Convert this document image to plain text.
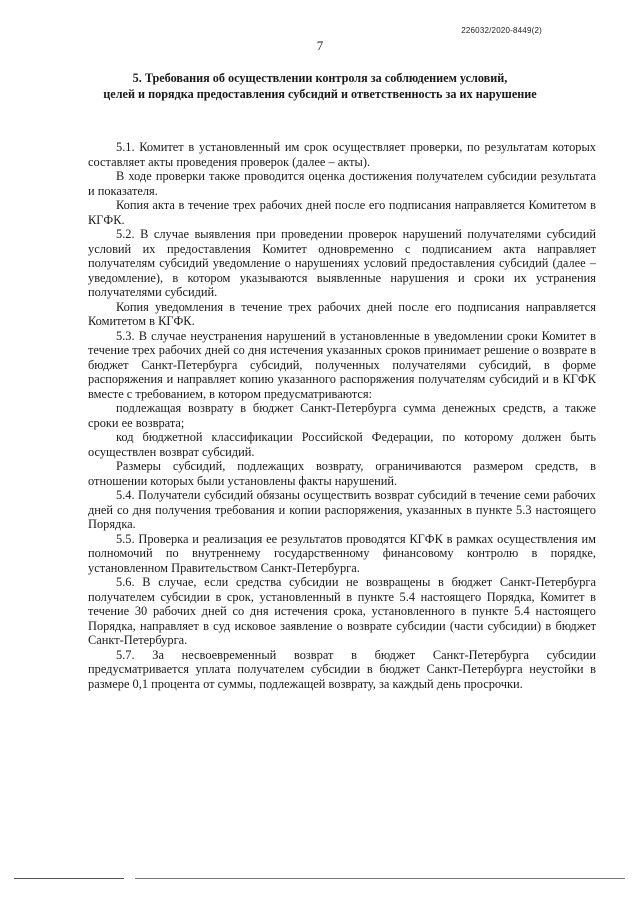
226032/2020-8449(2)
7
5. Требования об осуществлении контроля за соблюдением условий,
целей и порядка предоставления субсидий и ответственность за их нарушение

5.1. Комитет в установленный им срок осуществляет проверки, по результатам которых составляет акты проведения проверок (далее – акты).

В ходе проверки также проводится оценка достижения получателем субсидии результата и показателя.

Копия акта в течение трех рабочих дней после его подписания направляется Комитетом в КГФК.

5.2. В случае выявления при проведении проверок нарушений получателями субсидий условий их предоставления Комитет одновременно с подписанием акта направляет получателям субсидий уведомление о нарушениях условий предоставления субсидий (далее – уведомление), в котором указываются выявленные нарушения и сроки их устранения получателями субсидий.

Копия уведомления в течение трех рабочих дней после его подписания направляется Комитетом в КГФК.

5.3. В случае неустранения нарушений в установленные в уведомлении сроки Комитет в течение трех рабочих дней со дня истечения указанных сроков принимает решение о возврате в бюджет Санкт-Петербурга субсидий, полученных получателями субсидий, в форме распоряжения и направляет копию указанного распоряжения получателям субсидий и в КГФК вместе с требованием, в котором предусматриваются:

подлежащая возврату в бюджет Санкт-Петербурга сумма денежных средств, а также сроки ее возврата;

код бюджетной классификации Российской Федерации, по которому должен быть осуществлен возврат субсидий.

Размеры субсидий, подлежащих возврату, ограничиваются размером средств, в отношении которых были установлены факты нарушений.

5.4. Получатели субсидий обязаны осуществить возврат субсидий в течение семи рабочих дней со дня получения требования и копии распоряжения, указанных в пункте 5.3 настоящего Порядка.

5.5. Проверка и реализация ее результатов проводятся КГФК в рамках осуществления им полномочий по внутреннему государственному финансовому контролю в порядке, установленном Правительством Санкт-Петербурга.

5.6. В случае, если средства субсидии не возвращены в бюджет Санкт-Петербурга получателем субсидии в срок, установленный в пункте 5.4 настоящего Порядка, Комитет в течение 30 рабочих дней со дня истечения срока, установленного в пункте 5.4 настоящего Порядка, направляет в суд исковое заявление о возврате субсидии (части субсидии) в бюджет Санкт-Петербурга.

5.7. За несвоевременный возврат в бюджет Санкт-Петербурга субсидии предусматривается уплата получателем субсидии в бюджет Санкт-Петербурга неустойки в размере 0,1 процента от суммы, подлежащей возврату, за каждый день просрочки.
